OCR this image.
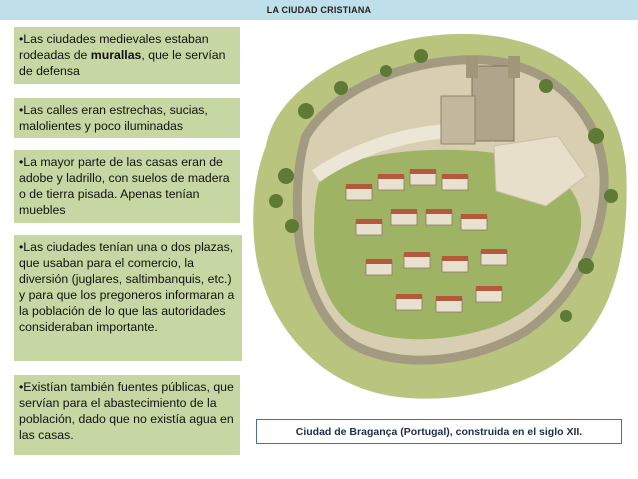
LA CIUDAD CRISTIANA
•Las ciudades medievales estaban rodeadas de murallas, que le servían de defensa
•Las calles eran estrechas, sucias, malolientes y poco iluminadas
•La mayor parte de las casas eran de adobe y ladrillo, con suelos de madera o de tierra pisada. Apenas tenían muebles
•Las ciudades tenían una o dos plazas, que usaban para el comercio, la diversión (juglares, saltimbanquis, etc.) y para que los pregoneros informaran a la población de lo que las autoridades consideraban importante.
•Existían también fuentes públicas, que servían para el abastecimiento de la población, dado que no existía agua en las casas.	Ciudad de Bragança (Portugal), construida en el siglo XII.
